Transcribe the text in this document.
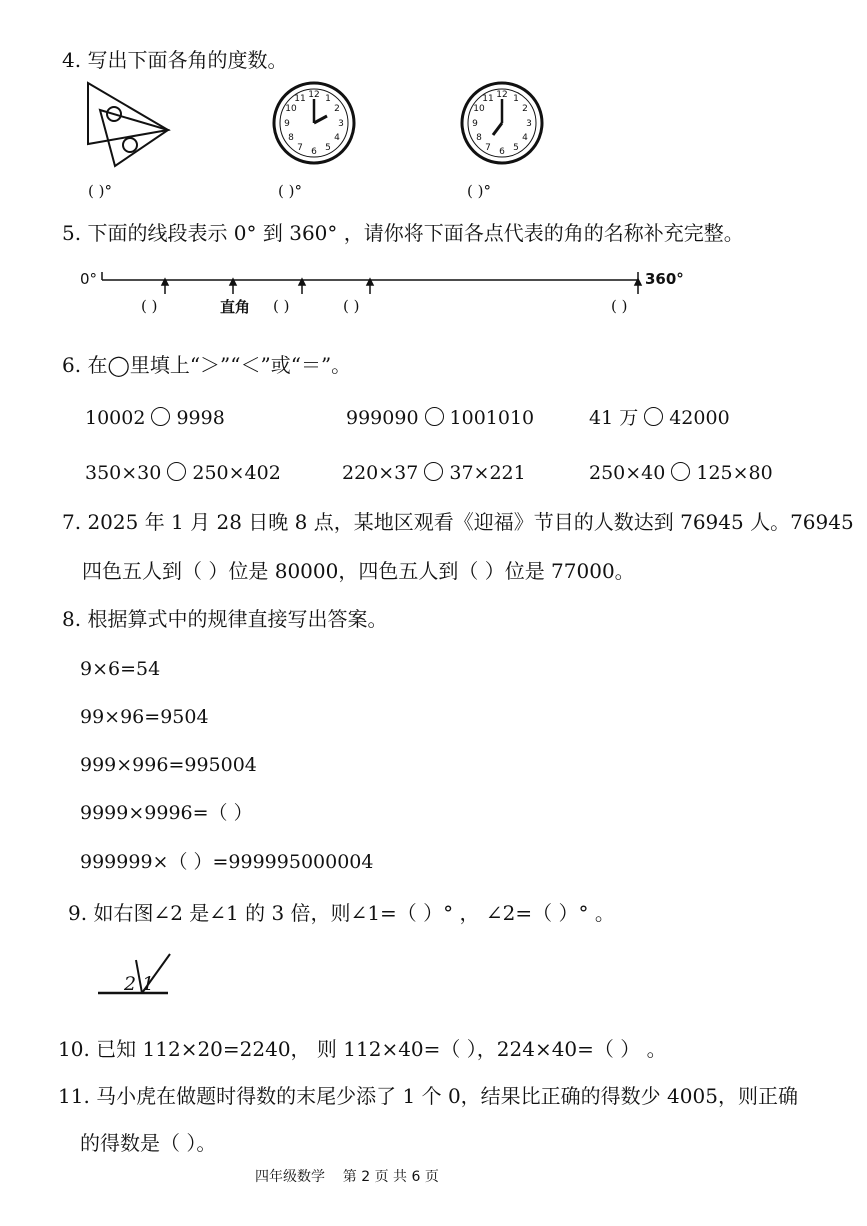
4. 写出下面各角的度数。
12 1
2
3
4
5
6
7
8
9
10
11	12 1
2
3
4
5
6
7
8
9
10
11
( )°	( )°	( )°
5. 下面的线段表示 0° 到 360° ，请你将下面各点代表的角的名称补充完整。
0°	360°
( )	直角 ( )	( )	( )
6. 在◯里填上“＞”“＜”或“＝”。
10002 9998	999090 1001010	41 万 42000
350×30 250×402	220×37 37×221	250×40 125×80
7. 2025 年 1 月 28 日晚 8 点，某地区观看《迎福》节目的人数达到 76945 人。76945
四色五人到（ ）位是 80000，四色五人到（ ）位是 77000。
8. 根据算式中的规律直接写出答案。
9×6=54
99×96=9504
999×996=995004
9999×9996=（ ）
999999×（ ）=999995000004
9. 如右图∠2 是∠1 的 3 倍，则∠1=（ ）° ， ∠2=（ ）° 。
2 1
10. 已知 112×20=2240， 则 112×40=（ ），224×40=（ ） 。
11. 马小虎在做题时得数的末尾少添了 1 个 0，结果比正确的得数少 4005，则正确
的得数是（ ）。
四年级数学    第 2 页 共 6 页
